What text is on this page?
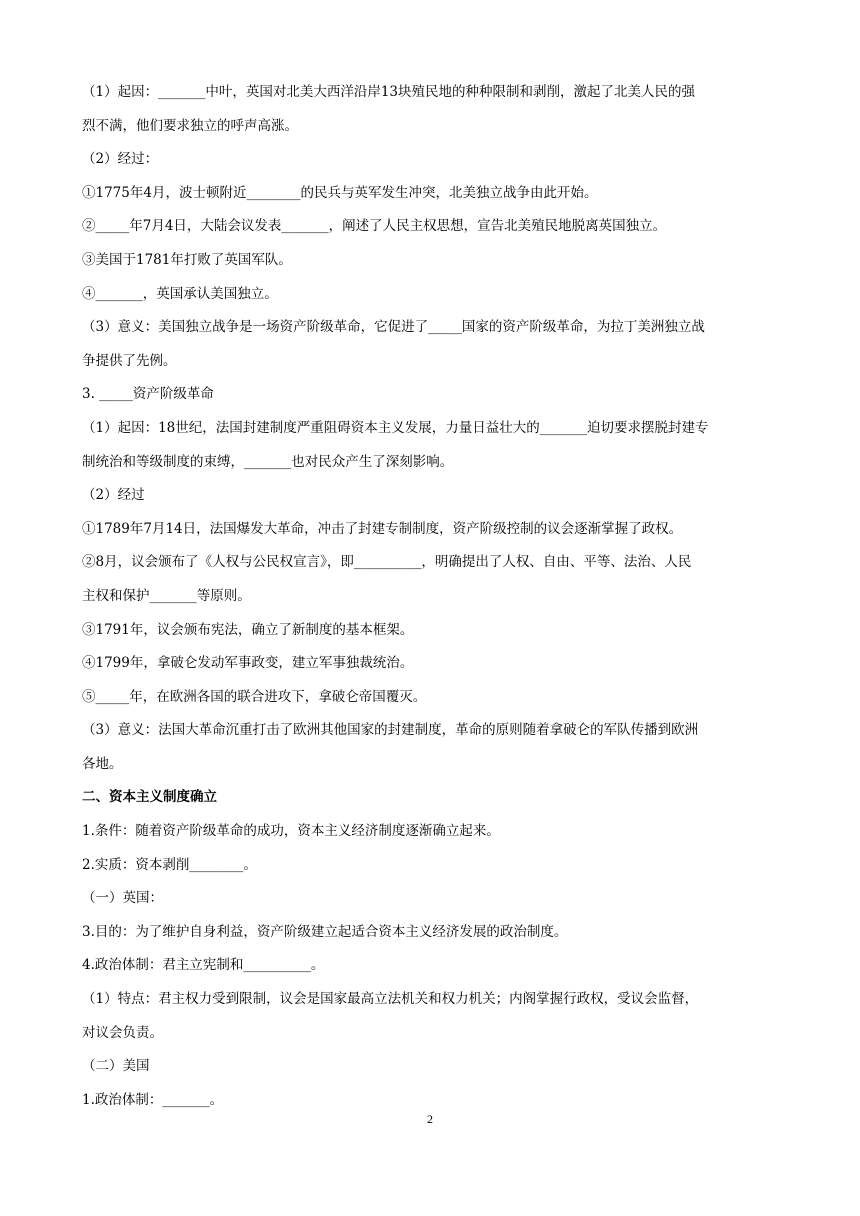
（1）起因：_______中叶，英国对北美大西洋沿岸13块殖民地的种种限制和剥削，激起了北美人民的强
烈不满，他们要求独立的呼声高涨。
（2）经过：
①1775年4月，波士顿附近________的民兵与英军发生冲突，北美独立战争由此开始。
②_____年7月4日，大陆会议发表_______，阐述了人民主权思想，宣告北美殖民地脱离英国独立。
③美国于1781年打败了英国军队。
④_______，英国承认美国独立。
（3）意义：美国独立战争是一场资产阶级革命，它促进了_____国家的资产阶级革命，为拉丁美洲独立战
争提供了先例。
3. _____资产阶级革命
（1）起因：18世纪，法国封建制度严重阻碍资本主义发展，力量日益壮大的_______迫切要求摆脱封建专
制统治和等级制度的束缚，_______也对民众产生了深刻影响。
（2）经过
①1789年7月14日，法国爆发大革命，冲击了封建专制制度，资产阶级控制的议会逐渐掌握了政权。
②8月，议会颁布了《人权与公民权宣言》，即__________，明确提出了人权、自由、平等、法治、人民
主权和保护_______等原则。
③1791年，议会颁布宪法，确立了新制度的基本框架。
④1799年，拿破仑发动军事政变，建立军事独裁统治。
⑤_____年，在欧洲各国的联合进攻下，拿破仑帝国覆灭。
（3）意义：法国大革命沉重打击了欧洲其他国家的封建制度，革命的原则随着拿破仑的军队传播到欧洲
各地。
二、资本主义制度确立
1.条件：随着资产阶级革命的成功，资本主义经济制度逐渐确立起来。
2.实质：资本剥削________。
（一）英国：
3.目的：为了维护自身利益，资产阶级建立起适合资本主义经济发展的政治制度。
4.政治体制：君主立宪制和__________。
（1）特点：君主权力受到限制，议会是国家最高立法机关和权力机关；内阁掌握行政权，受议会监督，
对议会负责。
（二）美国
1.政治体制：_______。
2
